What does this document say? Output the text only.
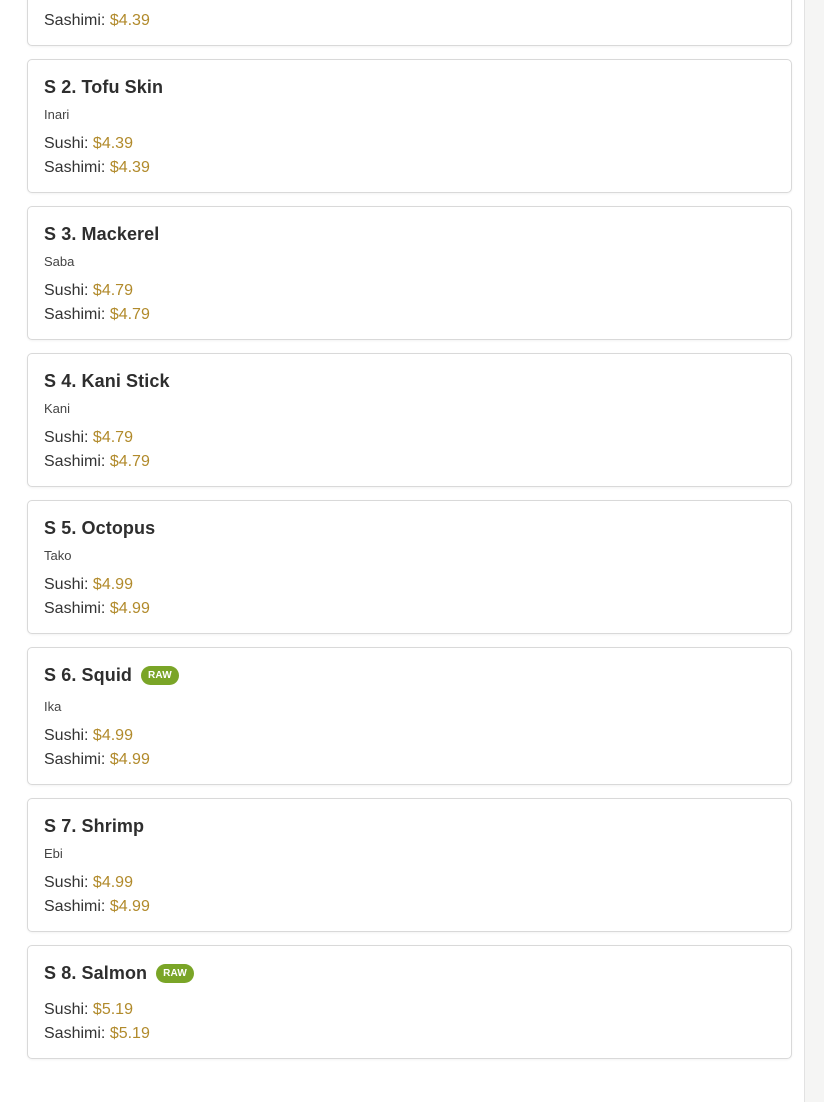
Sashimi: $4.39
S 2. Tofu Skin
Inari
Sushi: $4.39
Sashimi: $4.39
S 3. Mackerel
Saba
Sushi: $4.79
Sashimi: $4.79
S 4. Kani Stick
Kani
Sushi: $4.79
Sashimi: $4.79
S 5. Octopus
Tako
Sushi: $4.99
Sashimi: $4.99
S 6. Squid	RAW
Ika
Sushi: $4.99
Sashimi: $4.99
S 7. Shrimp
Ebi
Sushi: $4.99
Sashimi: $4.99
S 8. Salmon	RAW
Sushi: $5.19
Sashimi: $5.19
